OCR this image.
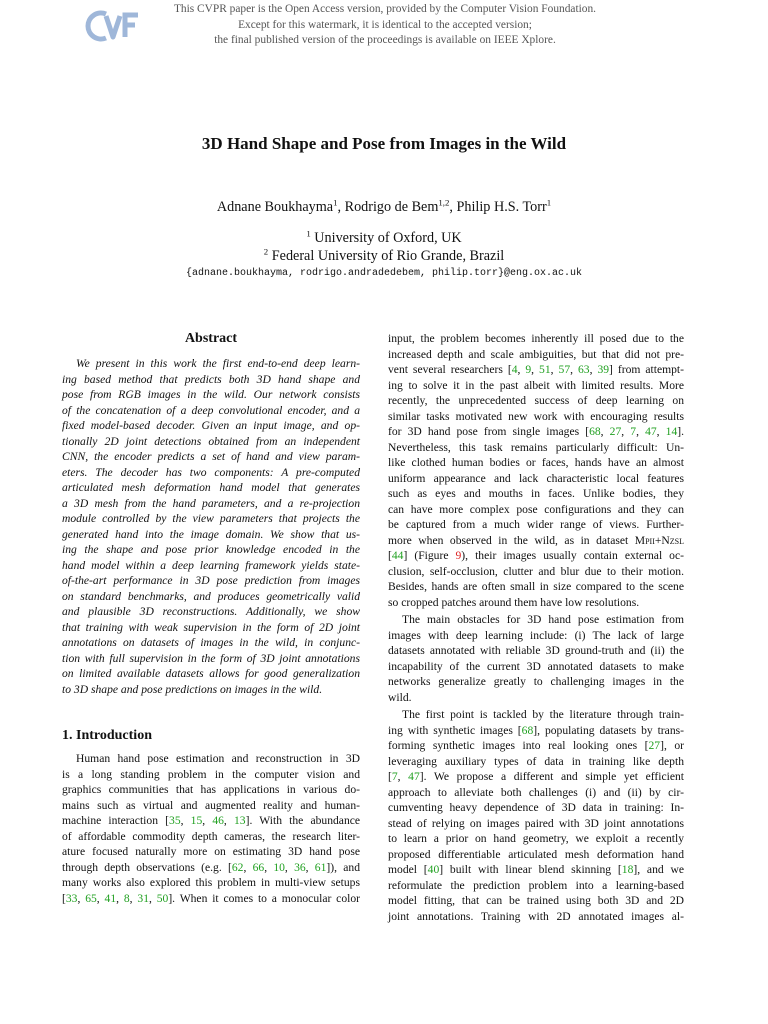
This CVPR paper is the Open Access version, provided by the Computer Vision Foundation.
Except for this watermark, it is identical to the accepted version;
the final published version of the proceedings is available on IEEE Xplore.
3D Hand Shape and Pose from Images in the Wild
Adnane Boukhayma$^1$, Rodrigo de Bem$^{1,2}$, Philip H.S. Torr$^1$
$^1$ University of Oxford, UK
$^2$ Federal University of Rio Grande, Brazil
{adnane.boukhayma, rodrigo.andradedebem, philip.torr}@eng.ox.ac.uk
Abstract
We present in this work the first end-to-end deep learn-
ing based method that predicts both 3D hand shape and
pose from RGB images in the wild. Our network consists
of the concatenation of a deep convolutional encoder, and a
fixed model-based decoder. Given an input image, and op-
tionally 2D joint detections obtained from an independent
CNN, the encoder predicts a set of hand and view param-
eters. The decoder has two components: A pre-computed
articulated mesh deformation hand model that generates
a 3D mesh from the hand parameters, and a re-projection
module controlled by the view parameters that projects the
generated hand into the image domain. We show that us-
ing the shape and pose prior knowledge encoded in the
hand model within a deep learning framework yields state-
of-the-art performance in 3D pose prediction from images
on standard benchmarks, and produces geometrically valid
and plausible 3D reconstructions. Additionally, we show
that training with weak supervision in the form of 2D joint
annotations on datasets of images in the wild, in conjunc-
tion with full supervision in the form of 3D joint annotations
on limited available datasets allows for good generalization
to 3D shape and pose predictions on images in the wild.
1. Introduction
Human hand pose estimation and reconstruction in 3D
is a long standing problem in the computer vision and
graphics communities that has applications in various do-
mains such as virtual and augmented reality and human-
machine interaction [35, 15, 46, 13]. With the abundance
of affordable commodity depth cameras, the research liter-
ature focused naturally more on estimating 3D hand pose
through depth observations (e.g. [62, 66, 10, 36, 61]), and
many works also explored this problem in multi-view setups
[33, 65, 41, 8, 31, 50]. When it comes to a monocular color
input, the problem becomes inherently ill posed due to the
increased depth and scale ambiguities, but that did not pre-
vent several researchers [4, 9, 51, 57, 63, 39] from attempt-
ing to solve it in the past albeit with limited results. More
recently, the unprecedented success of deep learning on
similar tasks motivated new work with encouraging results
for 3D hand pose from single images [68, 27, 7, 47, 14].
Nevertheless, this task remains particularly difficult: Un-
like clothed human bodies or faces, hands have an almost
uniform appearance and lack characteristic local features
such as eyes and mouths in faces. Unlike bodies, they
can have more complex pose configurations and they can
be captured from a much wider range of views. Further-
more when observed in the wild, as in dataset Mpii+Nzsl
[44] (Figure 9), their images usually contain external oc-
clusion, self-occlusion, clutter and blur due to their motion.
Besides, hands are often small in size compared to the scene
so cropped patches around them have low resolutions.
The main obstacles for 3D hand pose estimation from
images with deep learning include: (i) The lack of large
datasets annotated with reliable 3D ground-truth and (ii) the
incapability of the current 3D annotated datasets to make
networks generalize greatly to challenging images in the
wild.
The first point is tackled by the literature through train-
ing with synthetic images [68], populating datasets by trans-
forming synthetic images into real looking ones [27], or
leveraging auxiliary types of data in training like depth
[7, 47]. We propose a different and simple yet efficient
approach to alleviate both challenges (i) and (ii) by cir-
cumventing heavy dependence of 3D data in training: In-
stead of relying on images paired with 3D joint annotations
to learn a prior on hand geometry, we exploit a recently
proposed differentiable articulated mesh deformation hand
model [40] built with linear blend skinning [18], and we
reformulate the prediction problem into a learning-based
model fitting, that can be trained using both 3D and 2D
joint annotations. Training with 2D annotated images al-
